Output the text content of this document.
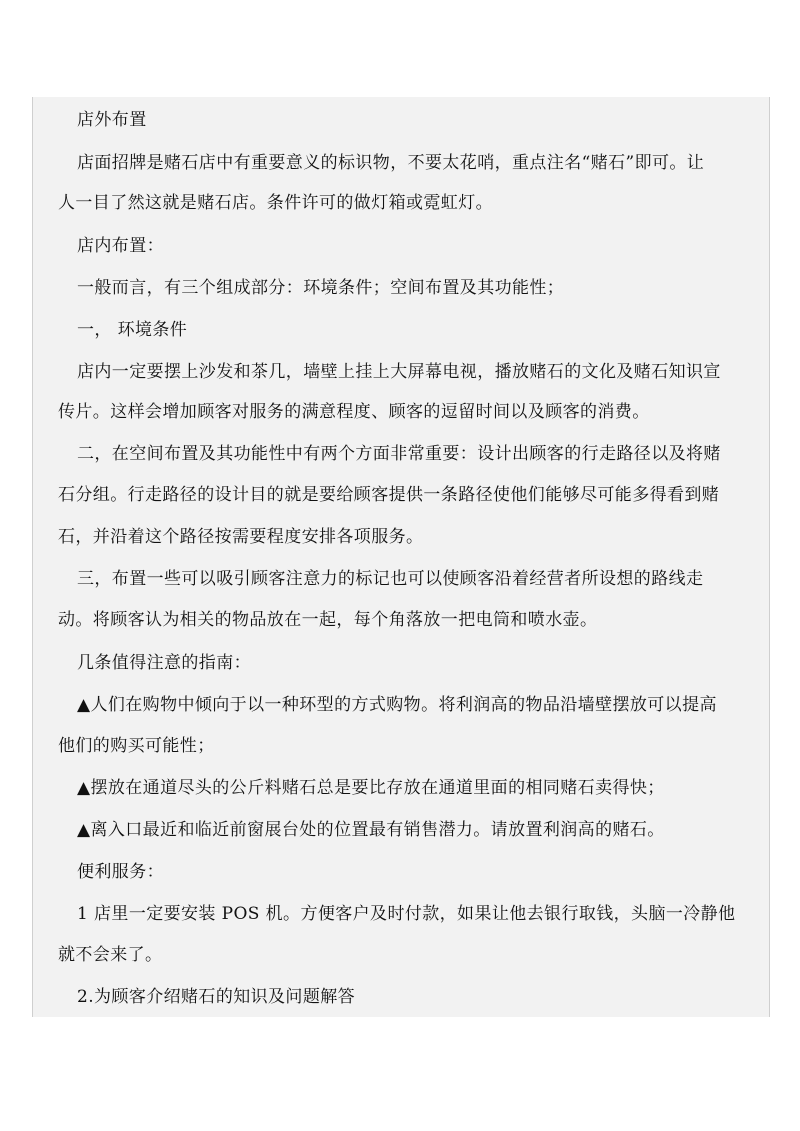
店外布置

店面招牌是赌石店中有重要意义的标识物，不要太花哨，重点注名“赌石”即可。让

人一目了然这就是赌石店。条件许可的做灯箱或霓虹灯。

店内布置：

一般而言，有三个组成部分：环境条件；空间布置及其功能性；

一， 环境条件

店内一定要摆上沙发和茶几，墙壁上挂上大屏幕电视，播放赌石的文化及赌石知识宣

传片。这样会增加顾客对服务的满意程度、顾客的逗留时间以及顾客的消费。

二，在空间布置及其功能性中有两个方面非常重要：设计出顾客的行走路径以及将赌

石分组。行走路径的设计目的就是要给顾客提供一条路径使他们能够尽可能多得看到赌

石，并沿着这个路径按需要程度安排各项服务。

三，布置一些可以吸引顾客注意力的标记也可以使顾客沿着经营者所设想的路线走

动。将顾客认为相关的物品放在一起，每个角落放一把电筒和喷水壶。

几条值得注意的指南：

▲人们在购物中倾向于以一种环型的方式购物。将利润高的物品沿墙壁摆放可以提高

他们的购买可能性；

▲摆放在通道尽头的公斤料赌石总是要比存放在通道里面的相同赌石卖得快；

▲离入口最近和临近前窗展台处的位置最有销售潜力。请放置利润高的赌石。

便利服务：

1 店里一定要安装 POS 机。方便客户及时付款，如果让他去银行取钱，头脑一冷静他

就不会来了。

2.为顾客介绍赌石的知识及问题解答
